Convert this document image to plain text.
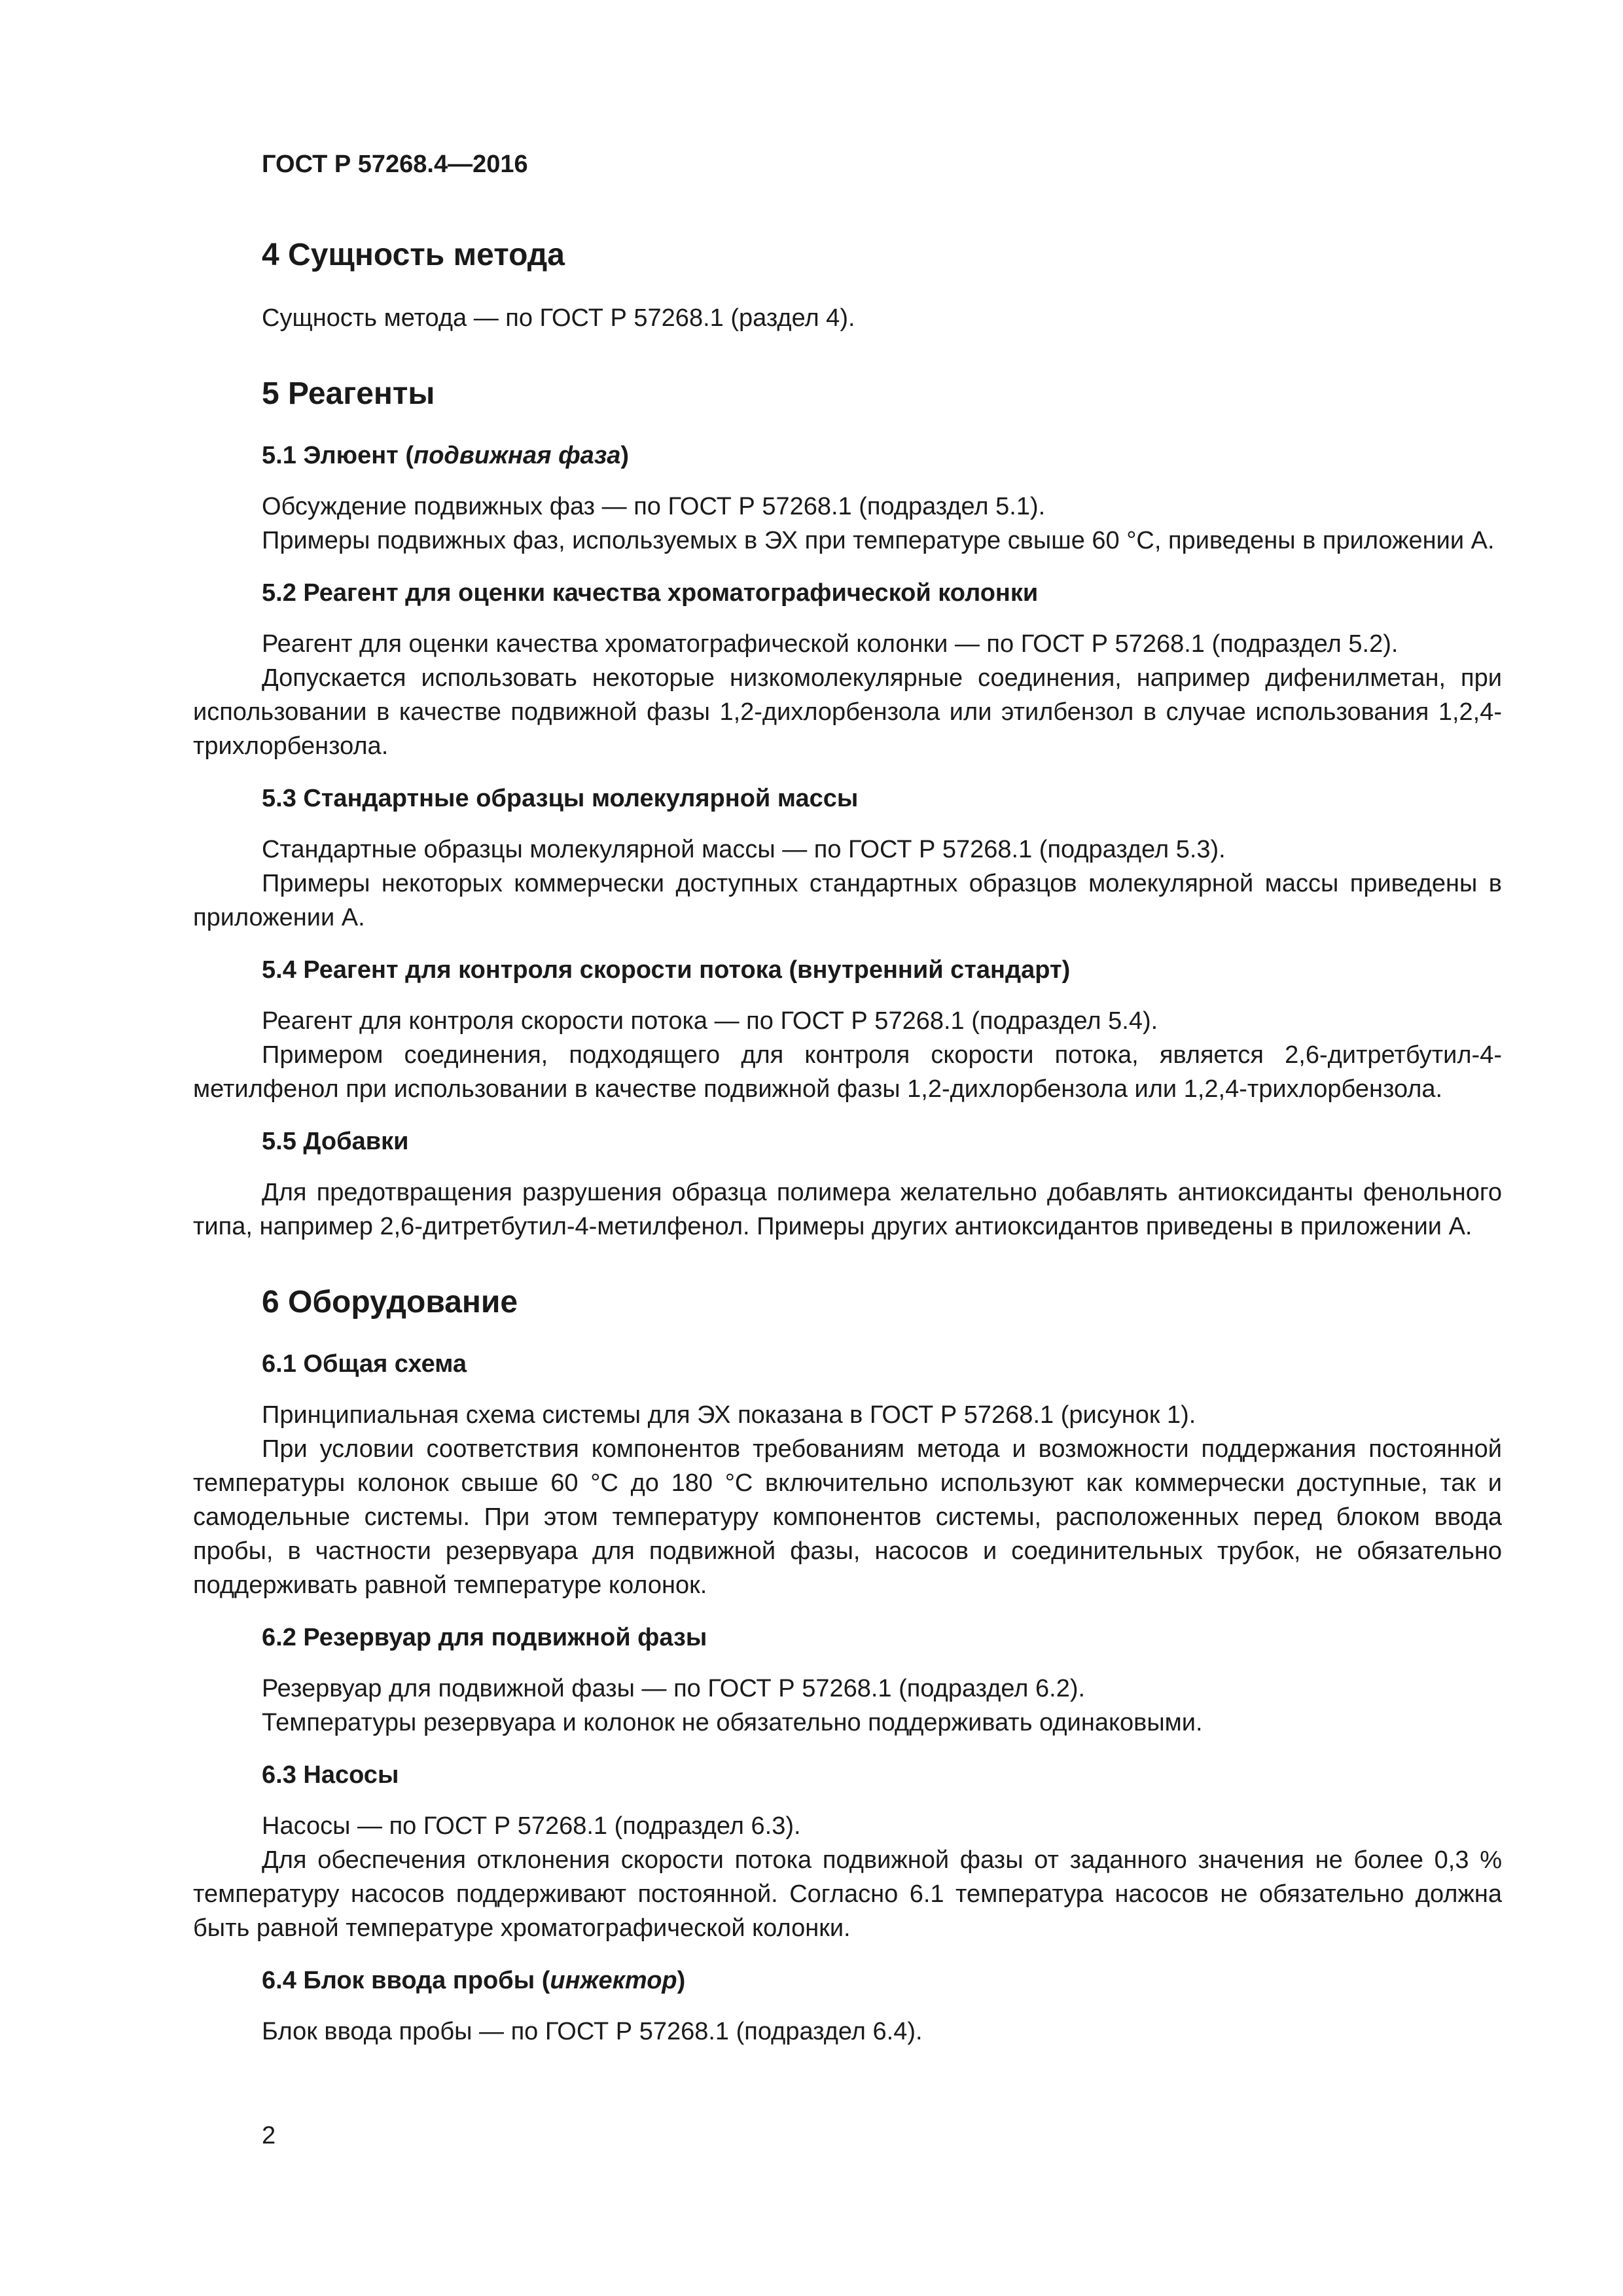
ГОСТ Р 57268.4—2016

4 Сущность метода

Сущность метода — по ГОСТ Р 57268.1 (раздел 4).

5 Реагенты
5.1 Элюент (подвижная фаза)

Обсуждение подвижных фаз — по ГОСТ Р 57268.1 (подраздел 5.1).

Примеры подвижных фаз, используемых в ЭХ при температуре свыше 60 °С, приведены в приложении А.

5.2 Реагент для оценки качества хроматографической колонки

Реагент для оценки качества хроматографической колонки — по ГОСТ Р 57268.1 (подраздел 5.2).

Допускается использовать некоторые низкомолекулярные соединения, например дифенилметан, при использовании в качестве подвижной фазы 1,2-дихлорбензола или этилбензол в случае использования 1,2,4-трихлорбензола.

5.3 Стандартные образцы молекулярной массы

Стандартные образцы молекулярной массы — по ГОСТ Р 57268.1 (подраздел 5.3).

Примеры некоторых коммерчески доступных стандартных образцов молекулярной массы приведены в приложении А.

5.4 Реагент для контроля скорости потока (внутренний стандарт)

Реагент для контроля скорости потока — по ГОСТ Р 57268.1 (подраздел 5.4).

Примером соединения, подходящего для контроля скорости потока, является 2,6-дитретбутил-4-метилфенол при использовании в качестве подвижной фазы 1,2-дихлорбензола или 1,2,4-трихлорбензола.

5.5 Добавки

Для предотвращения разрушения образца полимера желательно добавлять антиоксиданты фенольного типа, например 2,6-дитретбутил-4-метилфенол. Примеры других антиоксидантов приведены в приложении А.

6 Оборудование
6.1 Общая схема

Принципиальная схема системы для ЭХ показана в ГОСТ Р 57268.1 (рисунок 1).

При условии соответствия компонентов требованиям метода и возможности поддержания постоянной температуры колонок свыше 60 °С до 180 °С включительно используют как коммерчески доступные, так и самодельные системы. При этом температуру компонентов системы, расположенных перед блоком ввода пробы, в частности резервуара для подвижной фазы, насосов и соединительных трубок, не обязательно поддерживать равной температуре колонок.

6.2 Резервуар для подвижной фазы

Резервуар для подвижной фазы — по ГОСТ Р 57268.1 (подраздел 6.2).

Температуры резервуара и колонок не обязательно поддерживать одинаковыми.

6.3 Насосы

Насосы — по ГОСТ Р 57268.1 (подраздел 6.3).

Для обеспечения отклонения скорости потока подвижной фазы от заданного значения не более 0,3 % температуру насосов поддерживают постоянной. Согласно 6.1 температура насосов не обязательно должна быть равной температуре хроматографической колонки.

6.4 Блок ввода пробы (инжектор)

Блок ввода пробы — по ГОСТ Р 57268.1 (подраздел 6.4).

2
